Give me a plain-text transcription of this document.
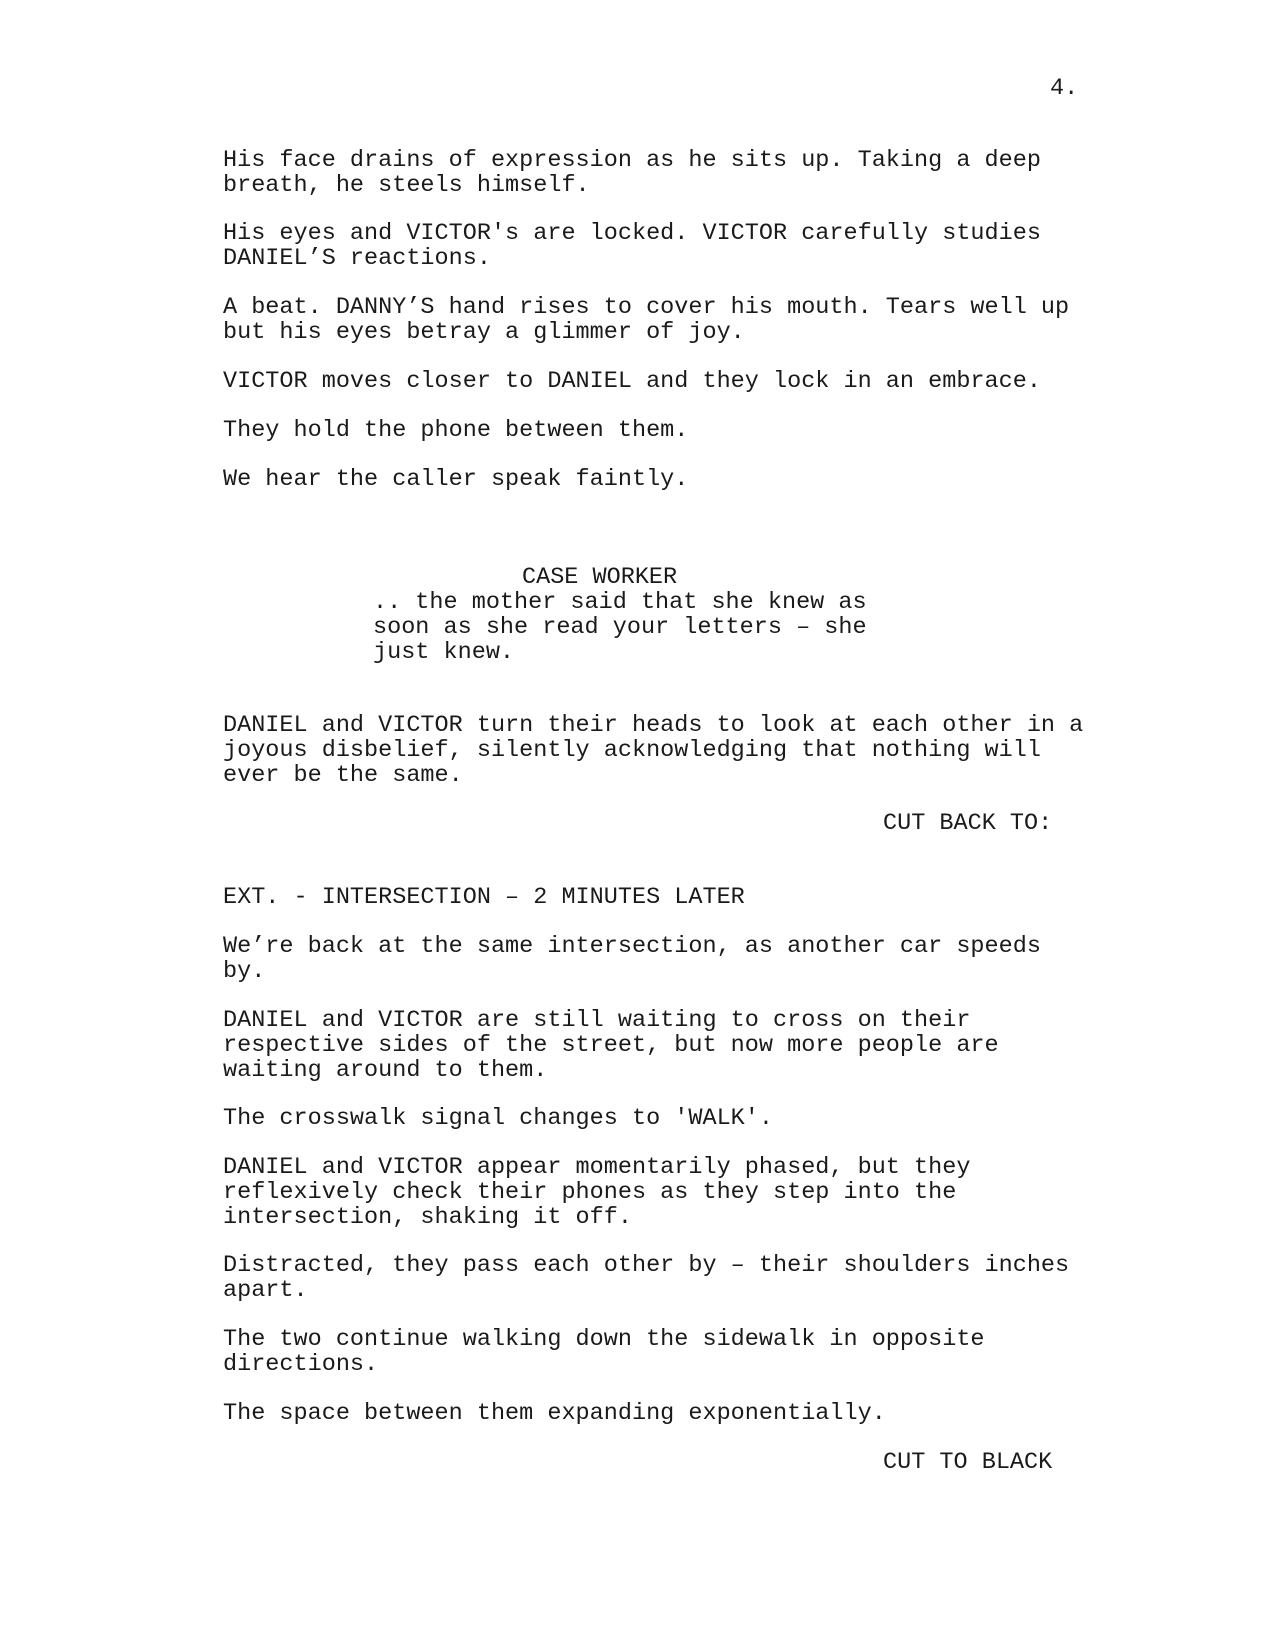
4.
His face drains of expression as he sits up. Taking a deep
breath, he steels himself.
His eyes and VICTOR's are locked. VICTOR carefully studies
DANIEL’S reactions.
A beat. DANNY’S hand rises to cover his mouth. Tears well up
but his eyes betray a glimmer of joy.
VICTOR moves closer to DANIEL and they lock in an embrace.
They hold the phone between them.
We hear the caller speak faintly.
CASE WORKER
.. the mother said that she knew as
soon as she read your letters – she
just knew.
DANIEL and VICTOR turn their heads to look at each other in a
joyous disbelief, silently acknowledging that nothing will
ever be the same.
CUT BACK TO:
EXT. - INTERSECTION – 2 MINUTES LATER
We’re back at the same intersection, as another car speeds
by.
DANIEL and VICTOR are still waiting to cross on their
respective sides of the street, but now more people are
waiting around to them.
The crosswalk signal changes to 'WALK'.
DANIEL and VICTOR appear momentarily phased, but they
reflexively check their phones as they step into the
intersection, shaking it off.
Distracted, they pass each other by – their shoulders inches
apart.
The two continue walking down the sidewalk in opposite
directions.
The space between them expanding exponentially.
CUT TO BLACK
